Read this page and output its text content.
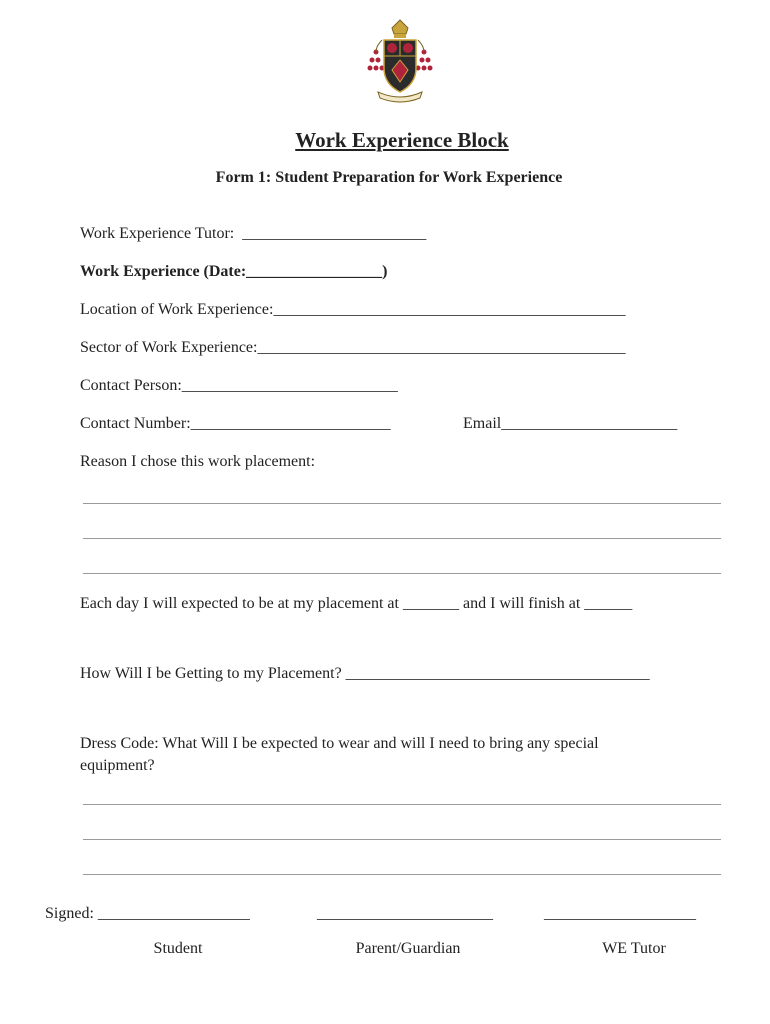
Work Experience Block
Form 1: Student Preparation for Work Experience
Work Experience Tutor:  _______________________
Work Experience (Date:_________________)
Location of Work Experience:____________________________________________
Sector of Work Experience:______________________________________________
Contact Person:___________________________
Contact Number:_________________________	Email______________________
Reason I chose this work placement:
Each day I will expected to be at my placement at _______ and I will finish at ______
How Will I be Getting to my Placement? ______________________________________
Dress Code: What Will I be expected to wear and will I need to bring any special
equipment?
Signed: ___________________	______________________	___________________
Student	Parent/Guardian	WE Tutor
